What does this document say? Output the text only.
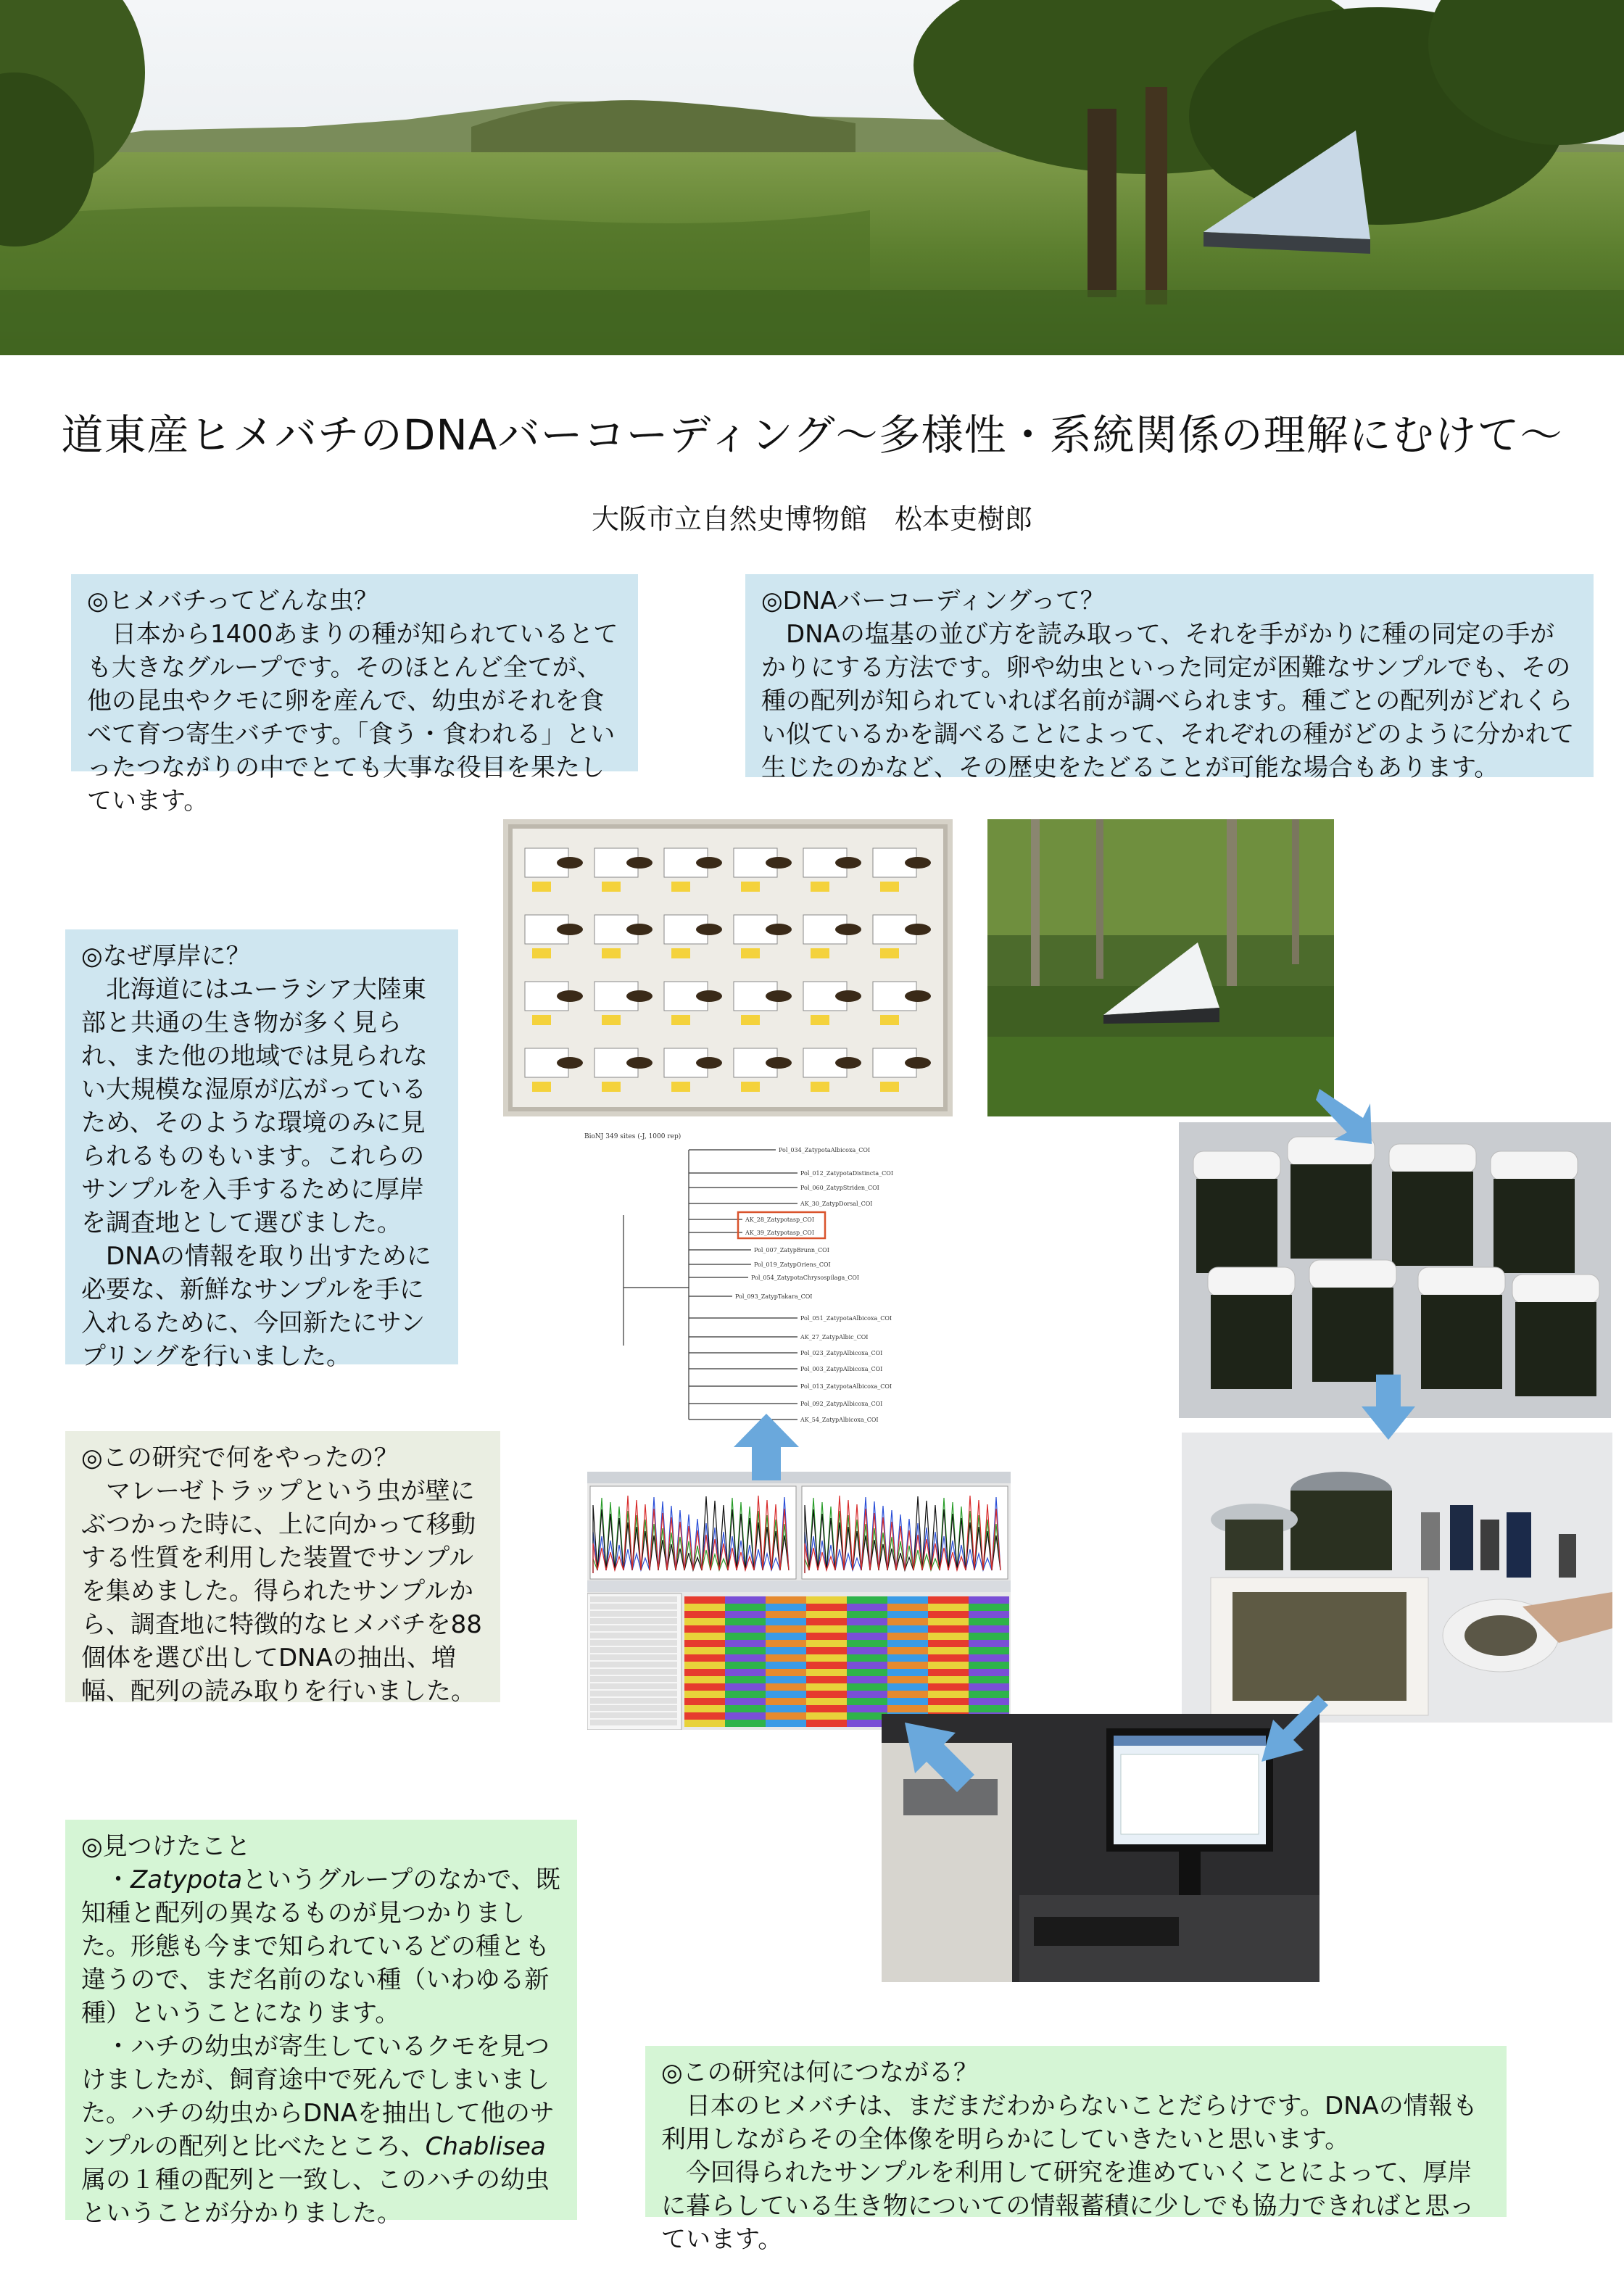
道東産ヒメバチのDNAバーコーディング～多様性・系統関係の理解にむけて～
大阪市立自然史博物館　松本吏樹郎
◎ヒメバチってどんな虫？

日本から1400あまりの種が知られているとても大きなグループです。そのほとんど全てが、他の昆虫やクモに卵を産んで、幼虫がそれを食べて育つ寄生バチです。「食う・食われる」といったつながりの中でとても大事な役目を果たしています。

◎DNAバーコーディングって？

DNAの塩基の並び方を読み取って、それを手がかりに種の同定の手がかりにする方法です。卵や幼虫といった同定が困難なサンプルでも、その種の配列が知られていれば名前が調べられます。種ごとの配列がどれくらい似ているかを調べることによって、それぞれの種がどのように分かれて生じたのかなど、その歴史をたどることが可能な場合もあります。

◎なぜ厚岸に？

北海道にはユーラシア大陸東部と共通の生き物が多く見られ、また他の地域では見られない大規模な湿原が広がっているため、そのような環境のみに見られるものもいます。これらのサンプルを入手するために厚岸を調査地として選びました。

DNAの情報を取り出すために必要な、新鮮なサンプルを手に入れるために、今回新たにサンプリングを行いました。

◎この研究で何をやったの？

マレーゼトラップという虫が壁にぶつかった時に、上に向かって移動する性質を利用した装置でサンプルを集めました。得られたサンプルから、調査地に特徴的なヒメバチを88個体を選び出してDNAの抽出、増幅、配列の読み取りを行いました。

◎見つけたこと

・Zatypotaというグループのなかで、既知種と配列の異なるものが見つかりました。形態も今まで知られているどの種とも違うので、まだ名前のない種（いわゆる新種）ということになります。

・ハチの幼虫が寄生しているクモを見つけましたが、飼育途中で死んでしまいました。ハチの幼虫からDNAを抽出して他のサンプルの配列と比べたところ、Chablisea属の１種の配列と一致し、このハチの幼虫ということが分かりました。

◎この研究は何につながる？

日本のヒメバチは、まだまだわからないことだらけです。DNAの情報も利用しながらその全体像を明らかにしていきたいと思います。

今回得られたサンプルを利用して研究を進めていくことによって、厚岸に暮らしている生き物についての情報蓄積に少しでも協力できればと思っています。

BioNJ 349 sites (-J, 1000 rep)
Pol_034_ZatypotaAlbicoxa_COI
Pol_012_ZatypotaDistincta_COI
Pol_060_ZatypStriden_COI
AK_30_ZatypDorsal_COI
AK_28_Zatypotasp_COI
AK_39_Zatypotasp_COI
Pol_007_ZatypBrunn_COI
Pol_019_ZatypOriens_COI
Pol_054_ZatypotaChrysospilaga_COI
Pol_093_ZatypTakara_COI
Pol_051_ZatypotaAlbicoxa_COI
AK_27_ZatypAlbic_COI
Pol_023_ZatypAlbicoxa_COI
Pol_003_ZatypAlbicoxa_COI
Pol_013_ZatypotaAlbicoxa_COI
Pol_092_ZatypAlbicoxa_COI
AK_54_ZatypAlbicoxa_COI
